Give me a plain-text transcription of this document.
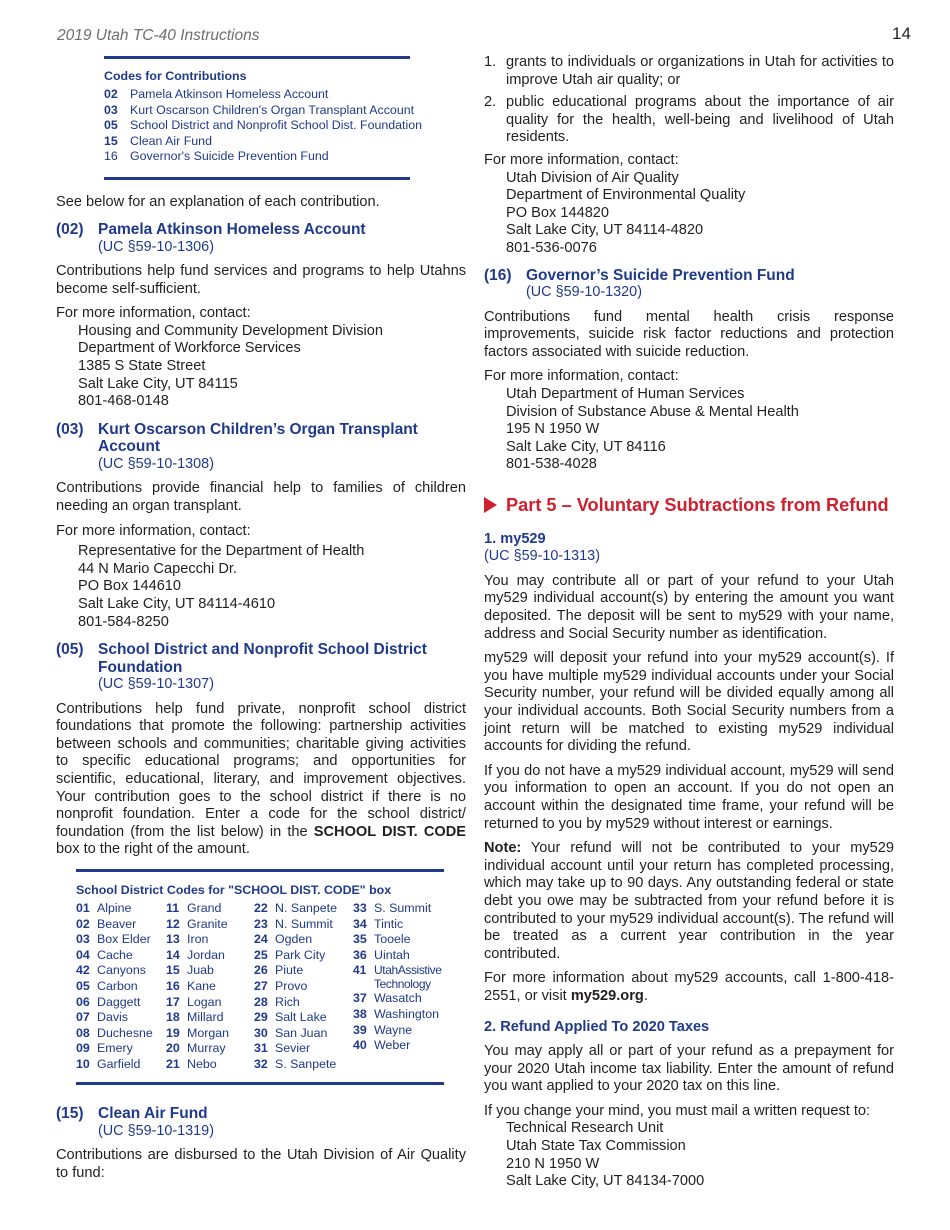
2019 Utah TC-40 Instructions	14
Codes for Contributions
02 Pamela Atkinson Homeless Account
03 Kurt Oscarson Children's Organ Transplant Account
05 School District and Nonprofit School Dist. Foundation
15 Clean Air Fund
16 Governor's Suicide Prevention Fund

See below for an explanation of each contribution.

(02) Pamela Atkinson Homeless Account
(UC §59-10-1306)

Contributions help fund services and programs to help Utahns become self-sufficient.

For more information, contact:

Housing and Community Development Division
Department of Workforce Services
1385 S State Street
Salt Lake City, UT 84115
801-468-0148
(03) Kurt Oscarson Children’s Organ Transplant
Account
(UC §59-10-1308)

Contributions provide financial help to families of children needing an organ transplant.

For more information, contact:

Representative for the Department of Health
44 N Mario Capecchi Dr.
PO Box 144610
Salt Lake City, UT 84114-4610
801-584-8250
(05) School District and Nonprofit School District
Foundation
(UC §59-10-1307)

Contributions help fund private, nonprofit school district foundations that promote the following: partnership activities between schools and communities; charitable giving activities to specific educational programs; and opportunities for scientific, educational, literary, and improvement objectives. Your contribution goes to the school district if there is no nonprofit foundation. Enter a code for the school district/ foundation (from the list below) in the SCHOOL DIST. CODE box to the right of the amount.

School District Codes for "SCHOOL DIST. CODE" box
01 Alpine
02 Beaver
03 Box Elder
04 Cache
42 Canyons
05 Carbon
06 Daggett
07 Davis
08 Duchesne
09 Emery
10 Garfield
11 Grand
12 Granite
13 Iron
14 Jordan
15 Juab
16 Kane
17 Logan
18 Millard
19 Morgan
20 Murray
21 Nebo
22 N. Sanpete
23 N. Summit
24 Ogden
25 Park City
26 Piute
27 Provo
28 Rich
29 Salt Lake
30 San Juan
31 Sevier
32 S. Sanpete
33 S. Summit
34 Tintic
35 Tooele
36 Uintah
41 UtahAssistive
Technology
37 Wasatch
38 Washington
39 Wayne
40 Weber
(15) Clean Air Fund
(UC §59-10-1319)

Contributions are disbursed to the Utah Division of Air Quality to fund:

1. grants to individuals or organizations in Utah for activities to improve Utah air quality; or
2. public educational programs about the importance of air quality for the health, well-being and livelihood of Utah residents.

For more information, contact:

Utah Division of Air Quality
Department of Environmental Quality
PO Box 144820
Salt Lake City, UT 84114-4820
801-536-0076
(16) Governor’s Suicide Prevention Fund
(UC §59-10-1320)

Contributions fund mental health crisis response improvements, suicide risk factor reductions and protection factors associated with suicide reduction.

For more information, contact:

Utah Department of Human Services
Division of Substance Abuse & Mental Health
195 N 1950 W
Salt Lake City, UT 84116
801-538-4028
Part 5 – Voluntary Subtractions from Refund
1. my529
(UC §59-10-1313)

You may contribute all or part of your refund to your Utah my529 individual account(s) by entering the amount you want deposited. The deposit will be sent to my529 with your name, address and Social Security number as identification.

my529 will deposit your refund into your my529 account(s). If you have multiple my529 individual accounts under your Social Security number, your refund will be divided equally among all your individual accounts. Both Social Security numbers from a joint return will be matched to existing my529 individual accounts for dividing the refund.

If you do not have a my529 individual account, my529 will send you information to open an account. If you do not open an account within the designated time frame, your refund will be returned to you by my529 without interest or earnings.

Note: Your refund will not be contributed to your my529 individual account until your return has completed processing, which may take up to 90 days. Any outstanding federal or state debt you owe may be subtracted from your refund before it is contributed to your my529 individual account(s). The refund will be treated as a current year contribution in the year contributed.

For more information about my529 accounts, call 1-800-418-2551, or visit my529.org.

2. Refund Applied To 2020 Taxes

You may apply all or part of your refund as a prepayment for your 2020 Utah income tax liability. Enter the amount of refund you want applied to your 2020 tax on this line.

If you change your mind, you must mail a written request to:

Technical Research Unit
Utah State Tax Commission
210 N 1950 W
Salt Lake City, UT 84134-7000
